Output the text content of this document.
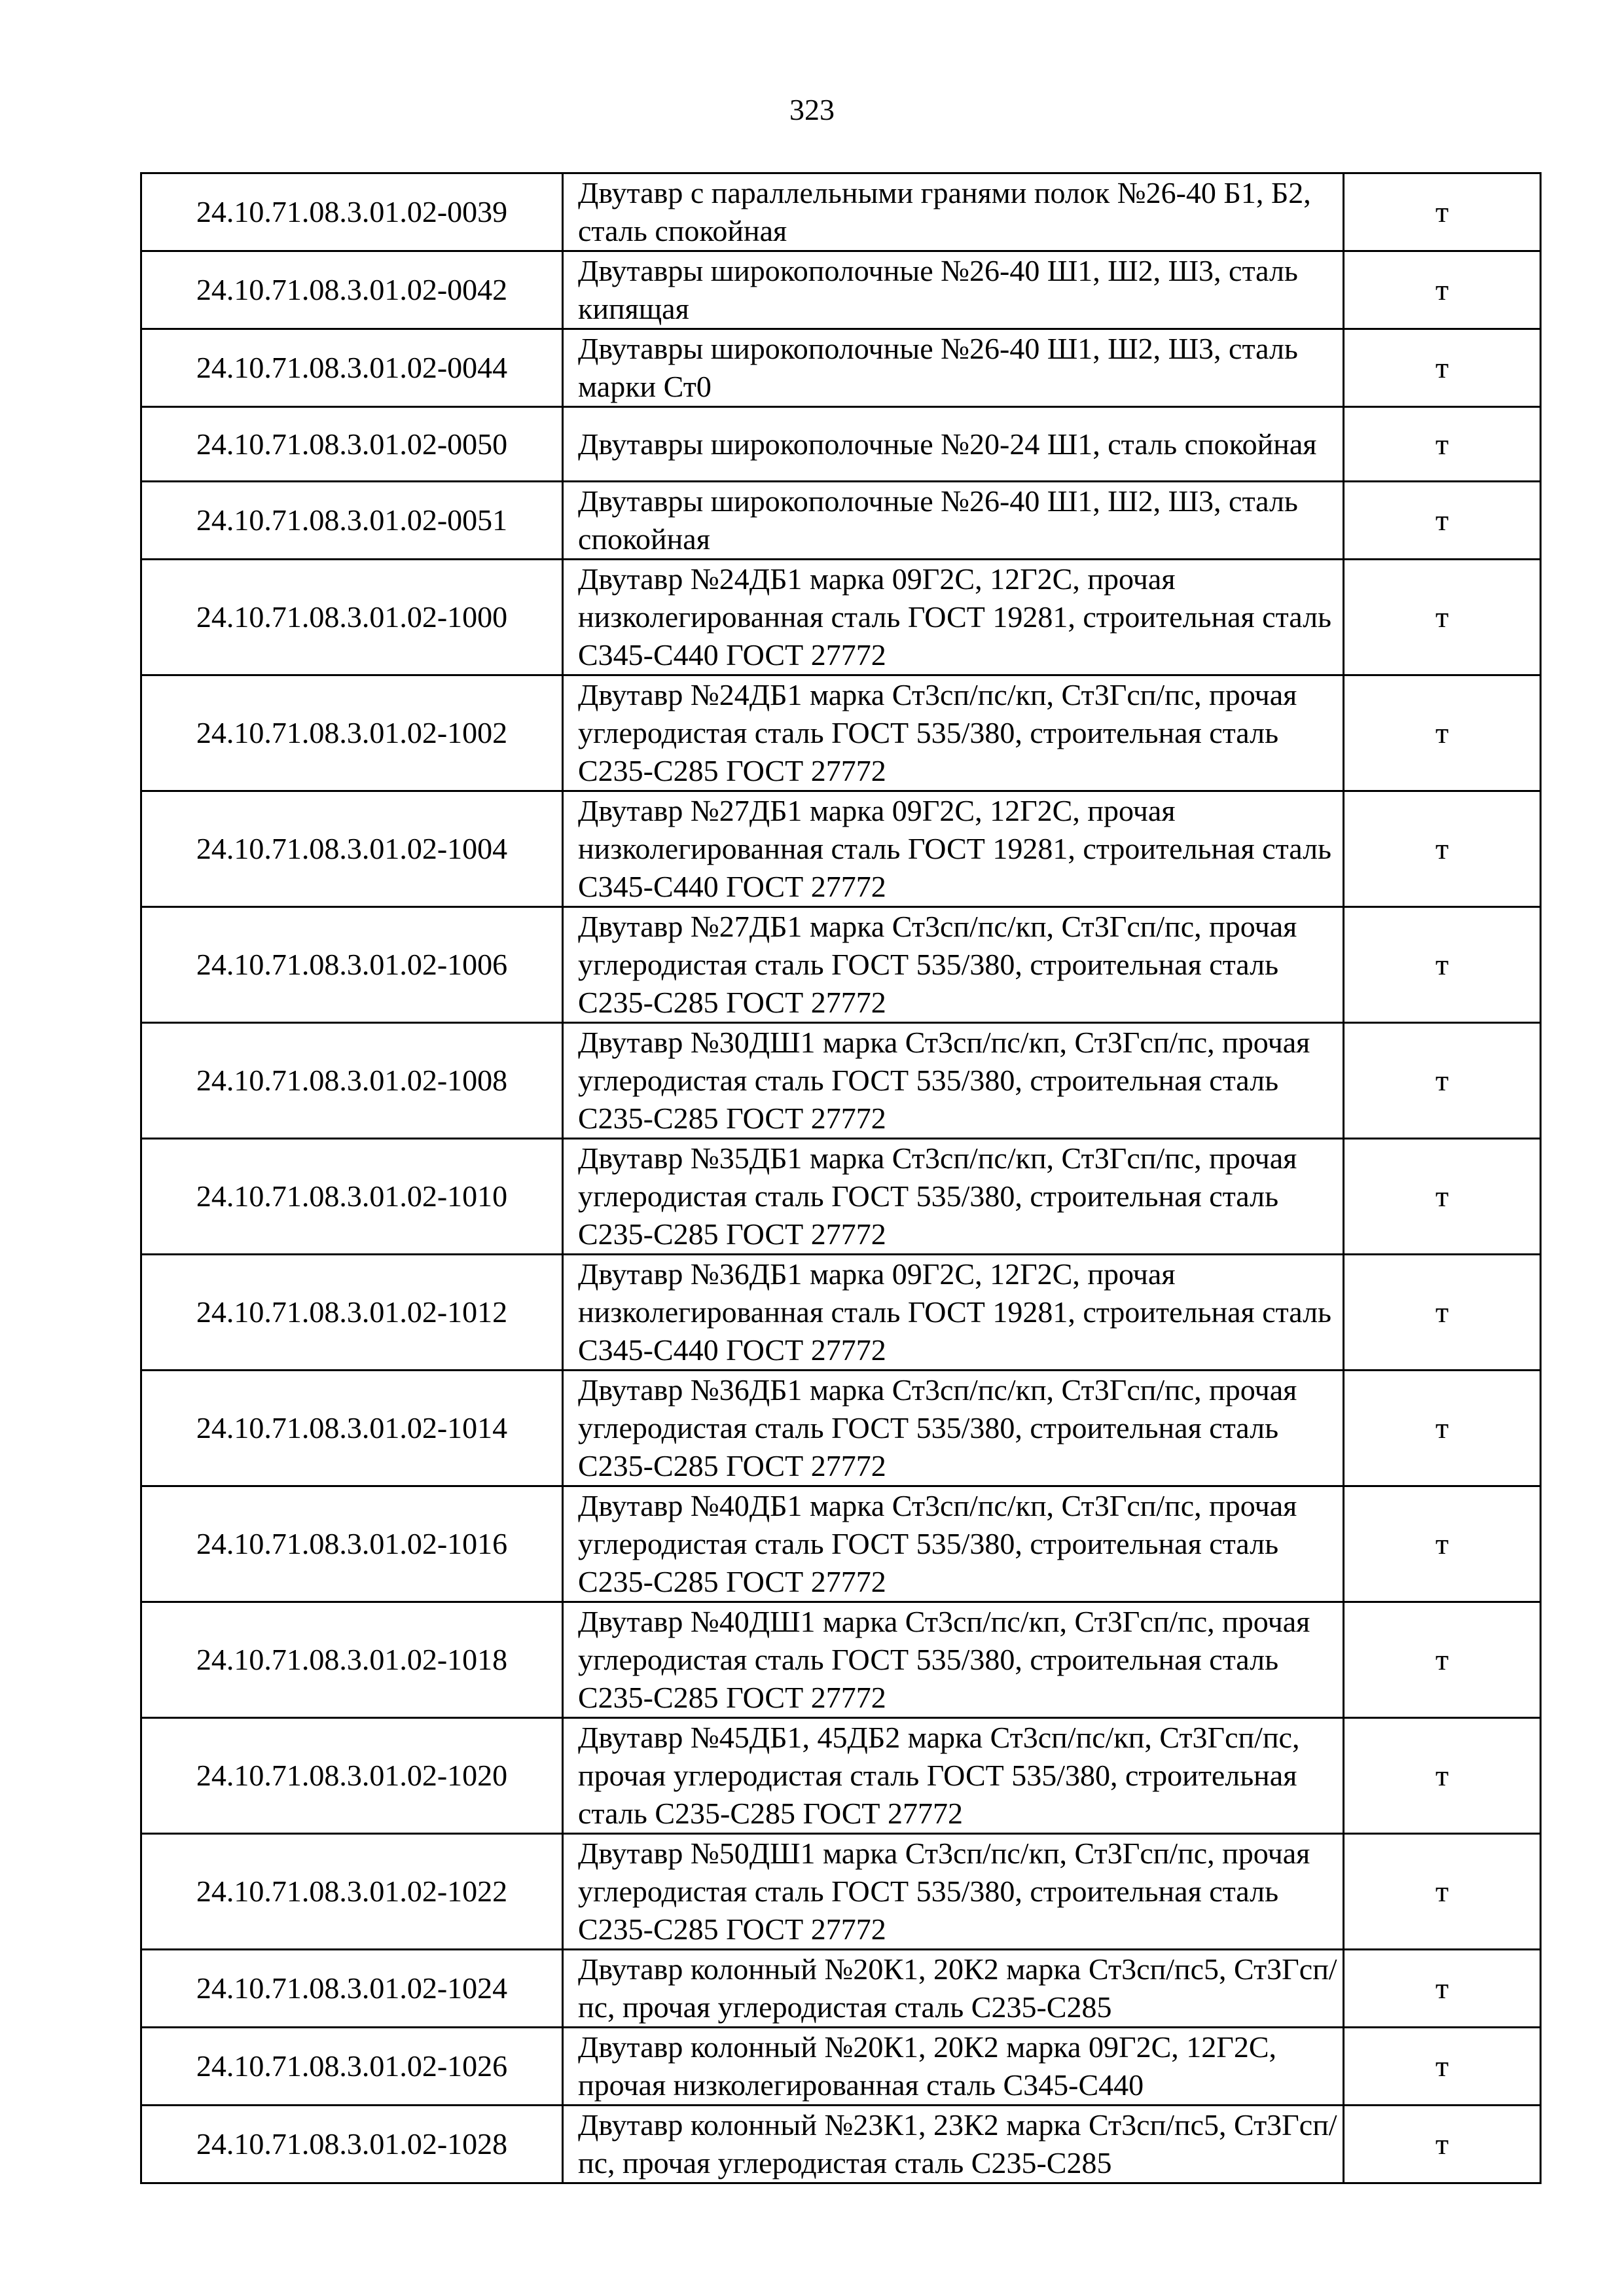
323
24.10.71.08.3.01.02-0039	Двутавр с параллельными гранями полок №26-40 Б1, Б2, сталь спокойная	т
24.10.71.08.3.01.02-0042	Двутавры широкополочные №26-40 Ш1, Ш2, Ш3, сталь кипящая	т
24.10.71.08.3.01.02-0044	Двутавры широкополочные №26-40 Ш1, Ш2, Ш3, сталь марки Ст0	т
24.10.71.08.3.01.02-0050	Двутавры широкополочные №20-24 Ш1, сталь спокойная	т
24.10.71.08.3.01.02-0051	Двутавры широкополочные №26-40 Ш1, Ш2, Ш3, сталь спокойная	т
24.10.71.08.3.01.02-1000	Двутавр №24ДБ1 марка 09Г2С, 12Г2С, прочая низколегированная сталь ГОСТ 19281, строительная сталь С345-С440 ГОСТ 27772	т
24.10.71.08.3.01.02-1002	Двутавр №24ДБ1 марка Ст3сп/пс/кп, Ст3Гсп/пс, прочая углеродистая сталь ГОСТ 535/380, строительная сталь С235-С285 ГОСТ 27772	т
24.10.71.08.3.01.02-1004	Двутавр №27ДБ1 марка 09Г2С, 12Г2С, прочая низколегированная сталь ГОСТ 19281, строительная сталь С345-С440 ГОСТ 27772	т
24.10.71.08.3.01.02-1006	Двутавр №27ДБ1 марка Ст3сп/пс/кп, Ст3Гсп/пс, прочая углеродистая сталь ГОСТ 535/380, строительная сталь С235-С285 ГОСТ 27772	т
24.10.71.08.3.01.02-1008	Двутавр №30ДШ1 марка Ст3сп/пс/кп, Ст3Гсп/пс, прочая углеродистая сталь ГОСТ 535/380, строительная сталь С235-С285 ГОСТ 27772	т
24.10.71.08.3.01.02-1010	Двутавр №35ДБ1 марка Ст3сп/пс/кп, Ст3Гсп/пс, прочая углеродистая сталь ГОСТ 535/380, строительная сталь С235-С285 ГОСТ 27772	т
24.10.71.08.3.01.02-1012	Двутавр №36ДБ1 марка 09Г2С, 12Г2С, прочая низколегированная сталь ГОСТ 19281, строительная сталь С345-С440 ГОСТ 27772	т
24.10.71.08.3.01.02-1014	Двутавр №36ДБ1 марка Ст3сп/пс/кп, Ст3Гсп/пс, прочая углеродистая сталь ГОСТ 535/380, строительная сталь С235-С285 ГОСТ 27772	т
24.10.71.08.3.01.02-1016	Двутавр №40ДБ1 марка Ст3сп/пс/кп, Ст3Гсп/пс, прочая углеродистая сталь ГОСТ 535/380, строительная сталь С235-С285 ГОСТ 27772	т
24.10.71.08.3.01.02-1018	Двутавр №40ДШ1 марка Ст3сп/пс/кп, Ст3Гсп/пс, прочая углеродистая сталь ГОСТ 535/380, строительная сталь С235-С285 ГОСТ 27772	т
24.10.71.08.3.01.02-1020	Двутавр №45ДБ1, 45ДБ2 марка Ст3сп/пс/кп, Ст3Гсп/пс, прочая углеродистая сталь ГОСТ 535/380, строительная сталь С235-С285 ГОСТ 27772	т
24.10.71.08.3.01.02-1022	Двутавр №50ДШ1 марка Ст3сп/пс/кп, Ст3Гсп/пс, прочая углеродистая сталь ГОСТ 535/380, строительная сталь С235-С285 ГОСТ 27772	т
24.10.71.08.3.01.02-1024	Двутавр колонный №20К1, 20К2 марка Ст3сп/пс5, Ст3Гсп/пс, прочая углеродистая сталь С235-С285	т
24.10.71.08.3.01.02-1026	Двутавр колонный №20К1, 20К2 марка 09Г2С, 12Г2С, прочая низколегированная сталь С345-С440	т
24.10.71.08.3.01.02-1028	Двутавр колонный №23К1, 23К2 марка Ст3сп/пс5, Ст3Гсп/пс, прочая углеродистая сталь С235-С285	т
